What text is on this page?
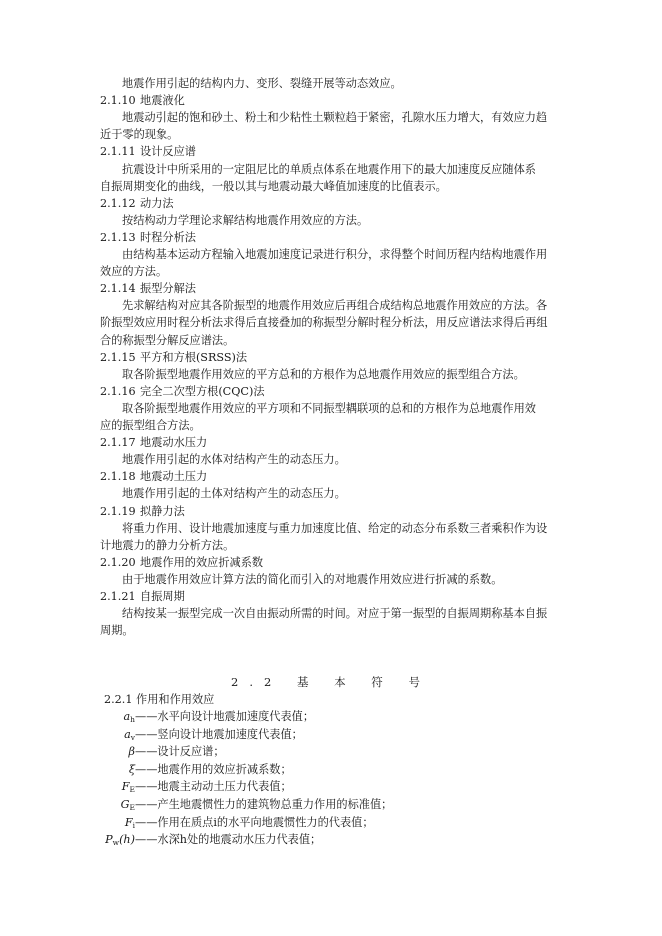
地震作用引起的结构内力、变形、裂缝开展等动态效应。
2.1.10 地震液化
地震动引起的饱和砂土、粉土和少粘性土颗粒趋于紧密，孔隙水压力增大，有效应力趋
近于零的现象。
2.1.11 设计反应谱
抗震设计中所采用的一定阻尼比的单质点体系在地震作用下的最大加速度反应随体系
自振周期变化的曲线，一般以其与地震动最大峰值加速度的比值表示。
2.1.12 动力法
按结构动力学理论求解结构地震作用效应的方法。
2.1.13 时程分析法
由结构基本运动方程输入地震加速度记录进行积分，求得整个时间历程内结构地震作用
效应的方法。
2.1.14 振型分解法
先求解结构对应其各阶振型的地震作用效应后再组合成结构总地震作用效应的方法。各
阶振型效应用时程分析法求得后直接叠加的称振型分解时程分析法，用反应谱法求得后再组
合的称振型分解反应谱法。
2.1.15 平方和方根(SRSS)法
取各阶振型地震作用效应的平方总和的方根作为总地震作用效应的振型组合方法。
2.1.16 完全二次型方根(CQC)法
取各阶振型地震作用效应的平方项和不同振型耦联项的总和的方根作为总地震作用效
应的振型组合方法。
2.1.17 地震动水压力
地震作用引起的水体对结构产生的动态压力。
2.1.18 地震动土压力
地震作用引起的土体对结构产生的动态压力。
2.1.19 拟静力法
将重力作用、设计地震加速度与重力加速度比值、给定的动态分布系数三者乘积作为设
计地震力的静力分析方法。
2.1.20 地震作用的效应折减系数
由于地震作用效应计算方法的简化而引入的对地震作用效应进行折减的系数。
2.1.21 自振周期
结构按某一振型完成一次自由振动所需的时间。对应于第一振型的自振周期称基本自振
周期。
2.2 基 本 符 号
2.2.1 作用和作用效应
$a_h——$水平向设计地震加速度代表值；
$a_v——$竖向设计地震加速度代表值；
β——设计反应谱；
ξ——地震作用的效应折减系数；
$F_E——$地震主动动土压力代表值；
$G_E——$产生地震惯性力的建筑物总重力作用的标准值；
$F_i——$作用在质点i的水平向地震惯性力的代表值；
$P_w(h)——$水深h处的地震动水压力代表值；
